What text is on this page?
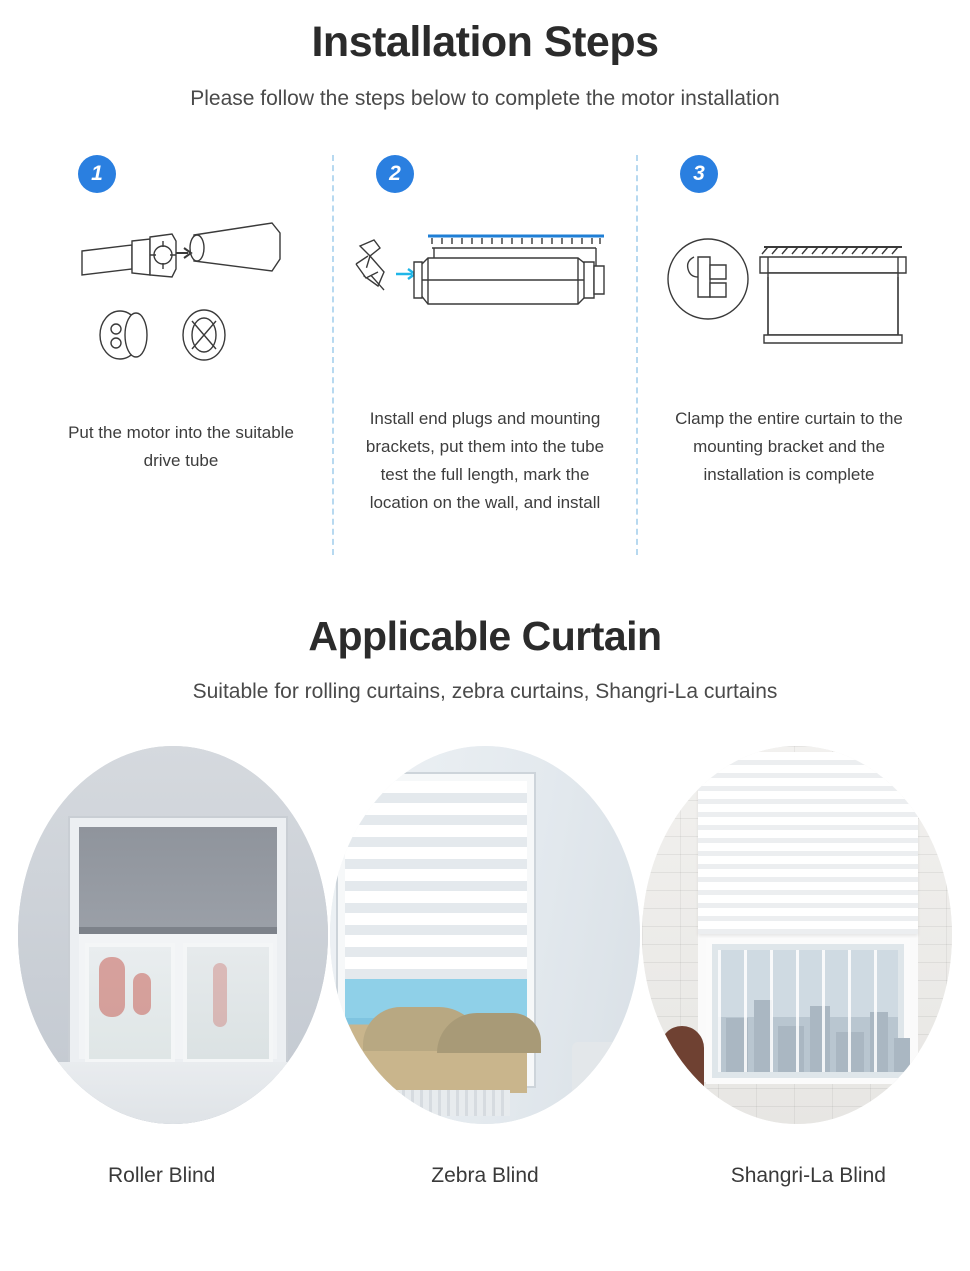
Installation Steps

Please follow the steps below to complete the motor installation

1

Put the motor into the suitable drive tube

2

Install end plugs and mounting brackets, put them into the tube test the full length, mark the location on the wall, and install

3

Clamp the entire curtain to the mounting bracket and the installation is complete

Applicable Curtain

Suitable for rolling curtains, zebra curtains, Shangri-La curtains

Roller Blind	Zebra Blind	Shangri-La Blind
